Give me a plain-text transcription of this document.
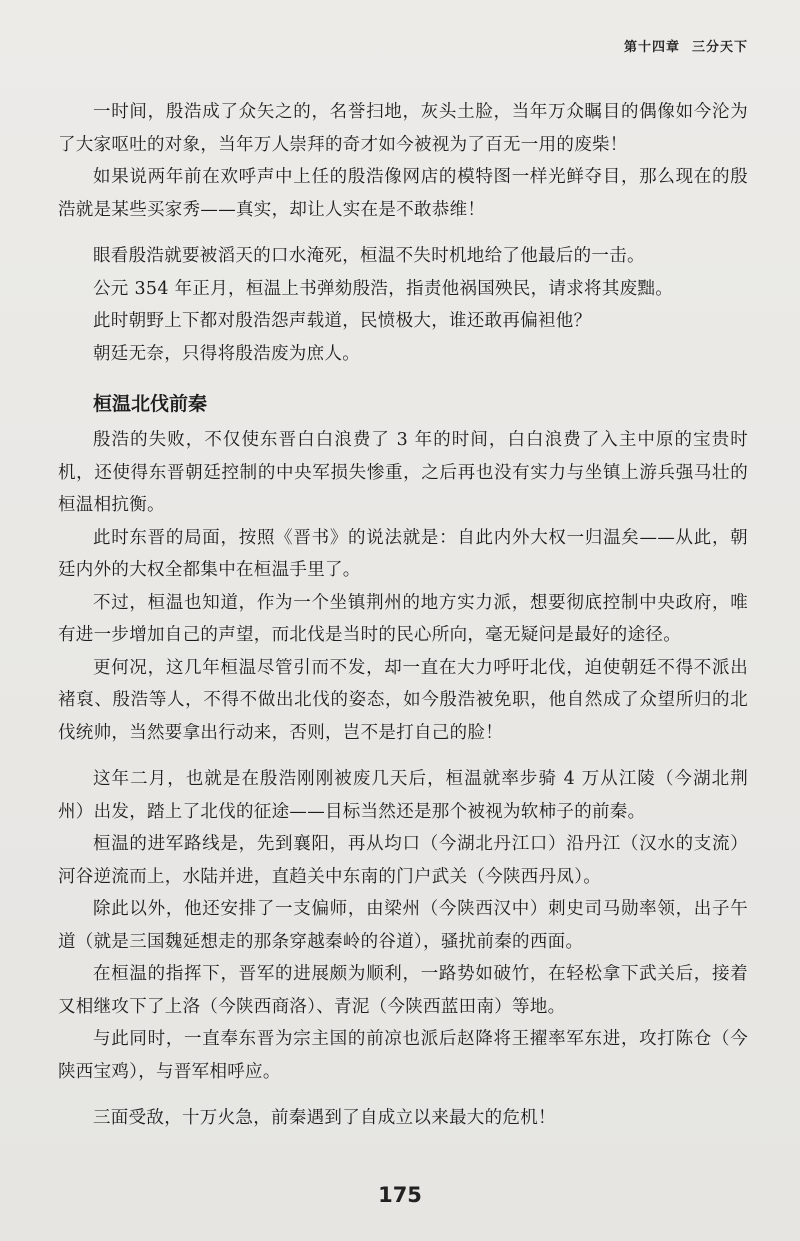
第十四章 三分天下

一时间，殷浩成了众矢之的，名誉扫地，灰头土脸，当年万众瞩目的偶像如今沦为了大家呕吐的对象，当年万人崇拜的奇才如今被视为了百无一用的废柴！

如果说两年前在欢呼声中上任的殷浩像网店的模特图一样光鲜夺目，那么现在的殷浩就是某些买家秀——真实，却让人实在是不敢恭维！

眼看殷浩就要被滔天的口水淹死，桓温不失时机地给了他最后的一击。

公元 354 年正月，桓温上书弹劾殷浩，指责他祸国殃民，请求将其废黜。

此时朝野上下都对殷浩怨声载道，民愤极大，谁还敢再偏袒他？

朝廷无奈，只得将殷浩废为庶人。

桓温北伐前秦

殷浩的失败，不仅使东晋白白浪费了 3 年的时间，白白浪费了入主中原的宝贵时机，还使得东晋朝廷控制的中央军损失惨重，之后再也没有实力与坐镇上游兵强马壮的桓温相抗衡。

此时东晋的局面，按照《晋书》的说法就是：自此内外大权一归温矣——从此，朝廷内外的大权全都集中在桓温手里了。

不过，桓温也知道，作为一个坐镇荆州的地方实力派，想要彻底控制中央政府，唯有进一步增加自己的声望，而北伐是当时的民心所向，毫无疑问是最好的途径。

更何况，这几年桓温尽管引而不发，却一直在大力呼吁北伐，迫使朝廷不得不派出褚裒、殷浩等人，不得不做出北伐的姿态，如今殷浩被免职，他自然成了众望所归的北伐统帅，当然要拿出行动来，否则，岂不是打自己的脸！

这年二月，也就是在殷浩刚刚被废几天后，桓温就率步骑 4 万从江陵（今湖北荆州）出发，踏上了北伐的征途——目标当然还是那个被视为软柿子的前秦。

桓温的进军路线是，先到襄阳，再从均口（今湖北丹江口）沿丹江（汉水的支流）河谷逆流而上，水陆并进，直趋关中东南的门户武关（今陕西丹凤）。

除此以外，他还安排了一支偏师，由梁州（今陕西汉中）刺史司马勋率领，出子午道（就是三国魏延想走的那条穿越秦岭的谷道），骚扰前秦的西面。

在桓温的指挥下，晋军的进展颇为顺利，一路势如破竹，在轻松拿下武关后，接着又相继攻下了上洛（今陕西商洛）、青泥（今陕西蓝田南）等地。

与此同时，一直奉东晋为宗主国的前凉也派后赵降将王擢率军东进，攻打陈仓（今陕西宝鸡），与晋军相呼应。

三面受敌，十万火急，前秦遇到了自成立以来最大的危机！

175
